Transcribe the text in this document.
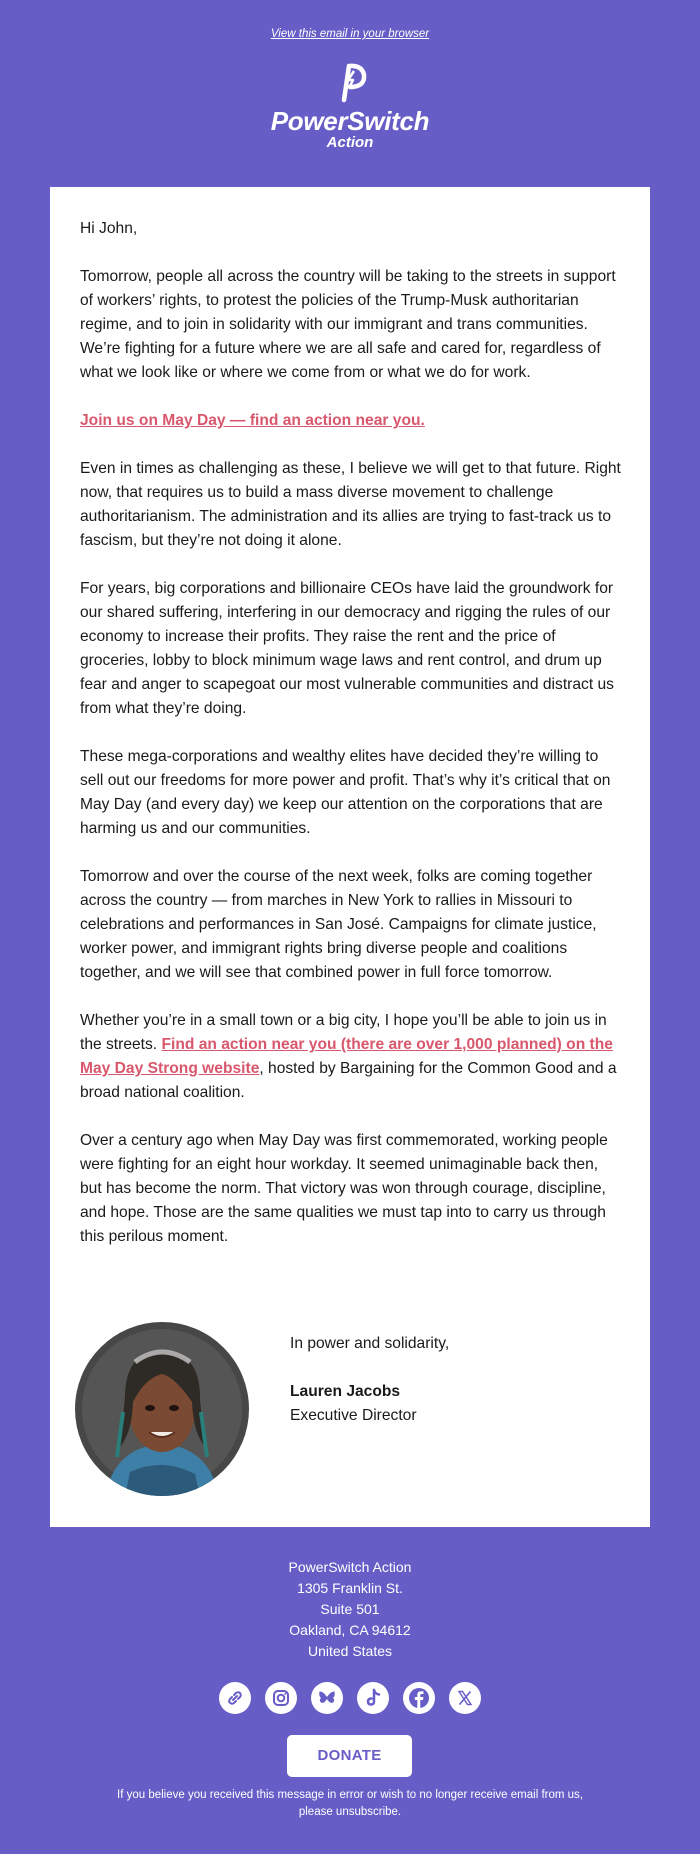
View this email in your browser
PowerSwitch
Action

Hi John,

Tomorrow, people all across the country will be taking to the streets in support of workers’ rights, to protest the policies of the Trump-Musk authoritarian regime, and to join in solidarity with our immigrant and trans communities. We’re fighting for a future where we are all safe and cared for, regardless of what we look like or where we come from or what we do for work.

Join us on May Day — find an action near you.

Even in times as challenging as these, I believe we will get to that future. Right now, that requires us to build a mass diverse movement to challenge authoritarianism. The administration and its allies are trying to fast-track us to fascism, but they’re not doing it alone.

For years, big corporations and billionaire CEOs have laid the groundwork for our shared suffering, interfering in our democracy and rigging the rules of our economy to increase their profits. They raise the rent and the price of groceries, lobby to block minimum wage laws and rent control, and drum up fear and anger to scapegoat our most vulnerable communities and distract us from what they’re doing.

These mega-corporations and wealthy elites have decided they’re willing to sell out our freedoms for more power and profit. That’s why it’s critical that on May Day (and every day) we keep our attention on the corporations that are harming us and our communities.

Tomorrow and over the course of the next week, folks are coming together across the country — from marches in New York to rallies in Missouri to celebrations and performances in San José. Campaigns for climate justice, worker power, and immigrant rights bring diverse people and coalitions together, and we will see that combined power in full force tomorrow.

Whether you’re in a small town or a big city, I hope you’ll be able to join us in the streets. Find an action near you (there are over 1,000 planned) on the May Day Strong website, hosted by Bargaining for the Common Good and a broad national coalition.

Over a century ago when May Day was first commemorated, working people were fighting for an eight hour workday. It seemed unimaginable back then, but has become the norm. That victory was won through courage, discipline, and hope. Those are the same qualities we must tap into to carry us through this perilous moment.

In power and solidarity,
Lauren Jacobs
Executive Director
PowerSwitch Action
1305 Franklin St.
Suite 501
Oakland, CA 94612
United States

DONATE
If you believe you received this message in error or wish to no longer receive email from us,
please unsubscribe.
